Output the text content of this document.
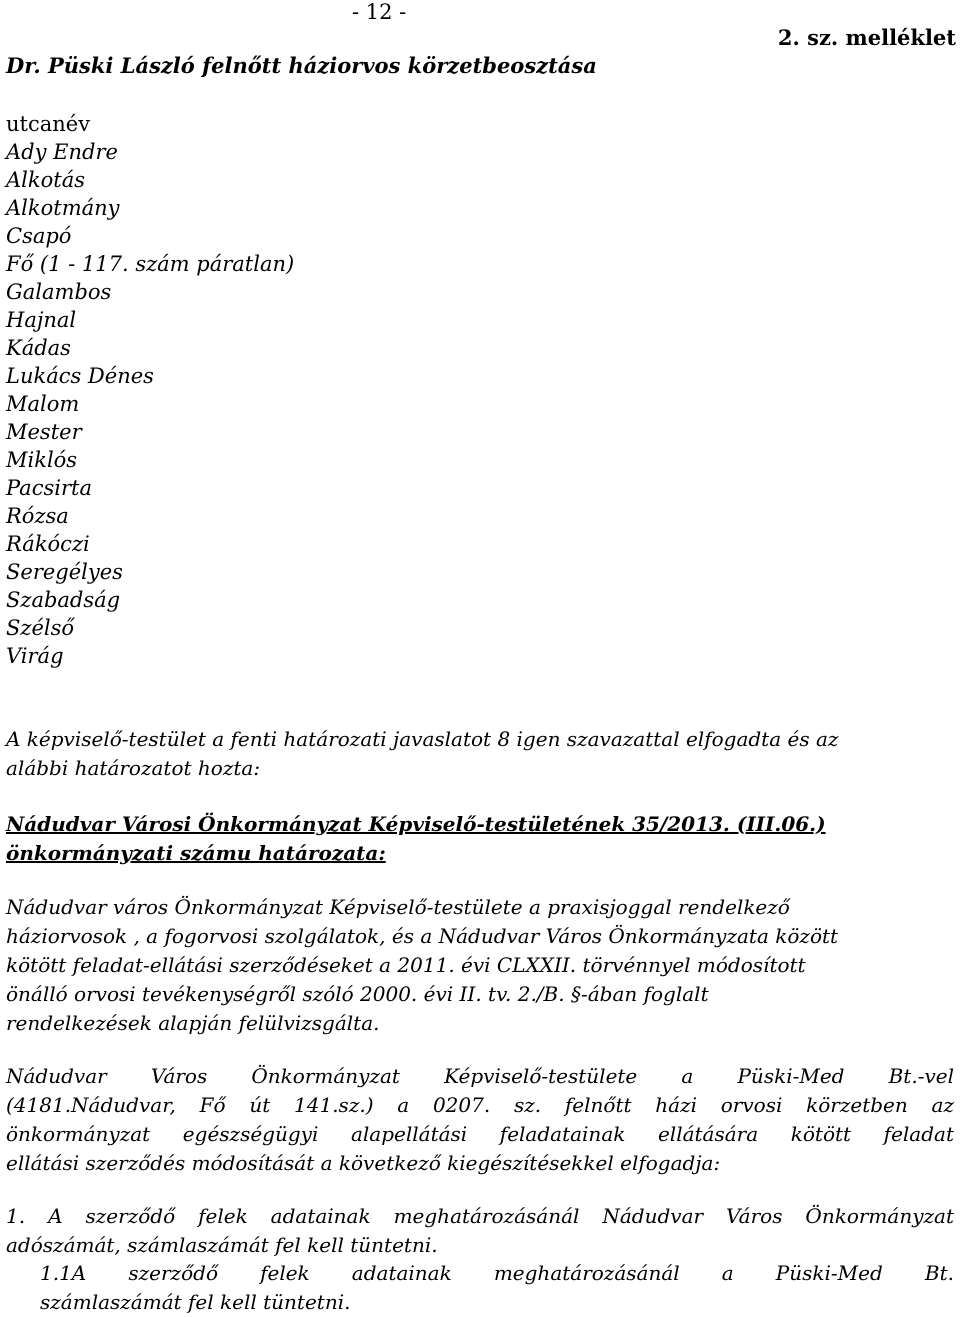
- 12 -
2. sz. melléklet
Dr. Püski László felnőtt háziorvos körzetbeosztása
utcanév
Ady Endre
Alkotás
Alkotmány
Csapó
Fő (1 - 117. szám páratlan)
Galambos
Hajnal
Kádas
Lukács Dénes
Malom
Mester
Miklós
Pacsirta
Rózsa
Rákóczi
Seregélyes
Szabadság
Szélső
Virág
A képviselő-testület a fenti határozati javaslatot 8 igen szavazattal elfogadta és az
alábbi határozatot hozta:
Nádudvar Városi Önkormányzat Képviselő-testületének 35/2013. (III.06.)
önkormányzati számu határozata:
Nádudvar város Önkormányzat Képviselő-testülete a praxisjoggal rendelkező
háziorvosok , a fogorvosi szolgálatok, és a Nádudvar Város Önkormányzata között
kötött feladat-ellátási szerződéseket a 2011. évi CLXXII. törvénnyel módosított
önálló orvosi tevékenységről szóló 2000. évi II. tv. 2./B. §-ában foglalt
rendelkezések alapján felülvizsgálta.
Nádudvar Város Önkormányzat Képviselő-testülete a Püski-Med Bt.-vel
(4181.Nádudvar, Fő út 141.sz.) a 0207. sz. felnőtt házi orvosi körzetben az
önkormányzat egészségügyi alapellátási feladatainak ellátására kötött feladat
ellátási szerződés módosítását a következő kiegészítésekkel elfogadja:
1. A szerződő felek adatainak meghatározásánál Nádudvar Város Önkormányzat
adószámát, számlaszámát fel kell tüntetni.
1.1A szerződő felek adatainak meghatározásánál a Püski-Med Bt.
számlaszámát fel kell tüntetni.
